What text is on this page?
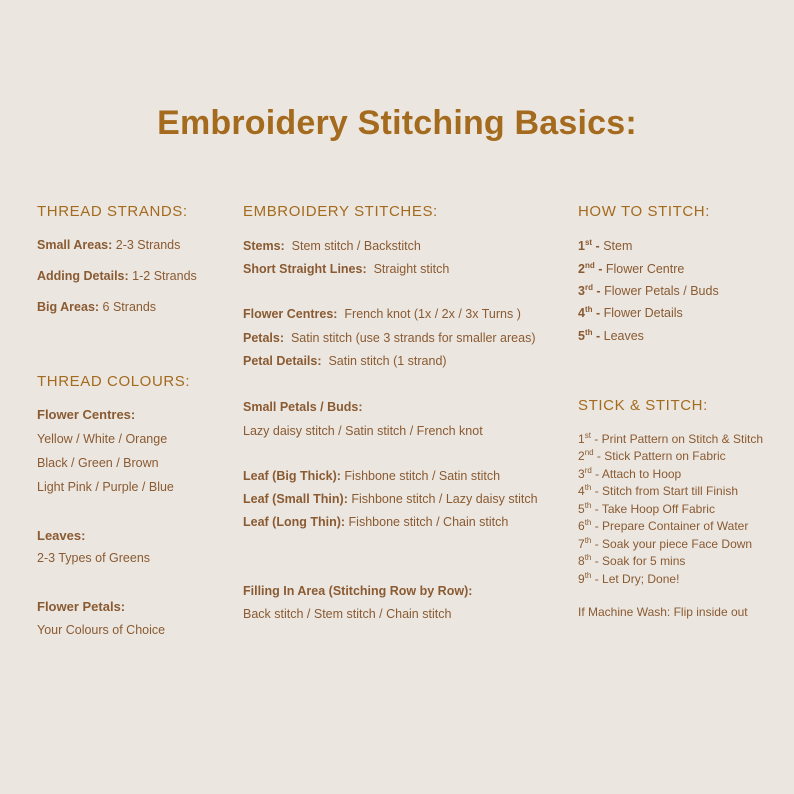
Embroidery Stitching Basics:
THREAD STRANDS:
Small Areas: 2-3 Strands
Adding Details: 1-2 Strands
Big Areas: 6 Strands
THREAD COLOURS:
Flower Centres:
Yellow / White / Orange
Black / Green / Brown
Light Pink / Purple / Blue
Leaves:
2-3 Types of Greens
Flower Petals:
Your Colours of Choice
EMBROIDERY STITCHES:
Stems: Stem stitch / Backstitch
Short Straight Lines: Straight stitch
Flower Centres: French knot (1x / 2x / 3x Turns )
Petals: Satin stitch (use 3 strands for smaller areas)
Petal Details: Satin stitch (1 strand)
Small Petals / Buds:
Lazy daisy stitch / Satin stitch / French knot
Leaf (Big Thick): Fishbone stitch / Satin stitch
Leaf (Small Thin): Fishbone stitch / Lazy daisy stitch
Leaf (Long Thin): Fishbone stitch / Chain stitch
Filling In Area (Stitching Row by Row):
Back stitch / Stem stitch / Chain stitch
HOW TO STITCH:
1st - Stem
2nd - Flower Centre
3rd - Flower Petals / Buds
4th - Flower Details
5th - Leaves
STICK & STITCH:
1st - Print Pattern on Stitch & Stitch
2nd - Stick Pattern on Fabric
3rd - Attach to Hoop
4th - Stitch from Start till Finish
5th - Take Hoop Off Fabric
6th - Prepare Container of Water
7th - Soak your piece Face Down
8th - Soak for 5 mins
9th - Let Dry; Done!
If Machine Wash: Flip inside out
